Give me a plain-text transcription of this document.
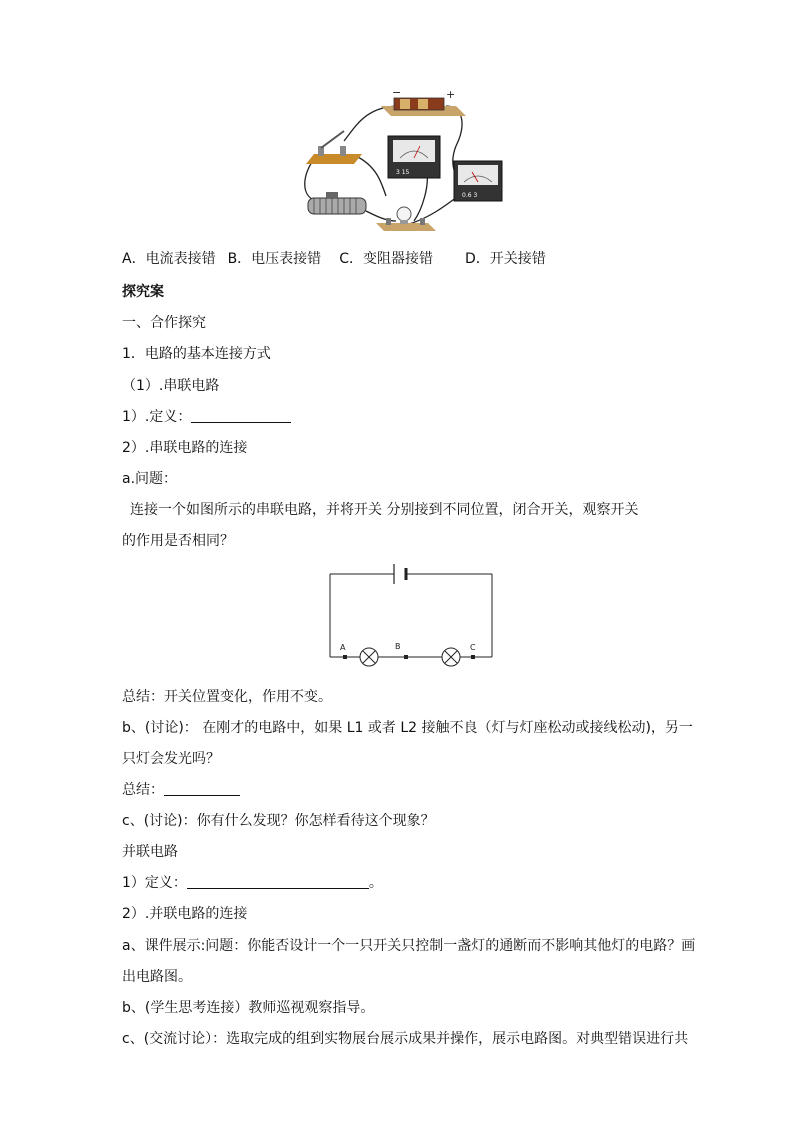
−	+
3 15
0.6 3
A．电流表接错 B．电压表接错 C．变阻器接错 D．开关接错
探究案
一、合作探究
1．电路的基本连接方式
（1）.串联电路
1）.定义：
2）.串联电路的连接
a.问题：
连接一个如图所示的串联电路，并将开关 分别接到不同位置，闭合开关，观察开关
的作用是否相同？
A	B	C
总结：开关位置变化，作用不变。
b、(讨论)： 在刚才的电路中，如果 L1 或者 L2 接触不良（灯与灯座松动或接线松动)，另一
只灯会发光吗？
总结：
c、(讨论)：你有什么发现？你怎样看待这个现象？
并联电路
1）定义：	。
2）.并联电路的连接
a、课件展示:问题：你能否设计一个一只开关只控制一盏灯的通断而不影响其他灯的电路？画
出电路图。
b、(学生思考连接）教师巡视观察指导。
c、(交流讨论）：选取完成的组到实物展台展示成果并操作，展示电路图。对典型错误进行共
